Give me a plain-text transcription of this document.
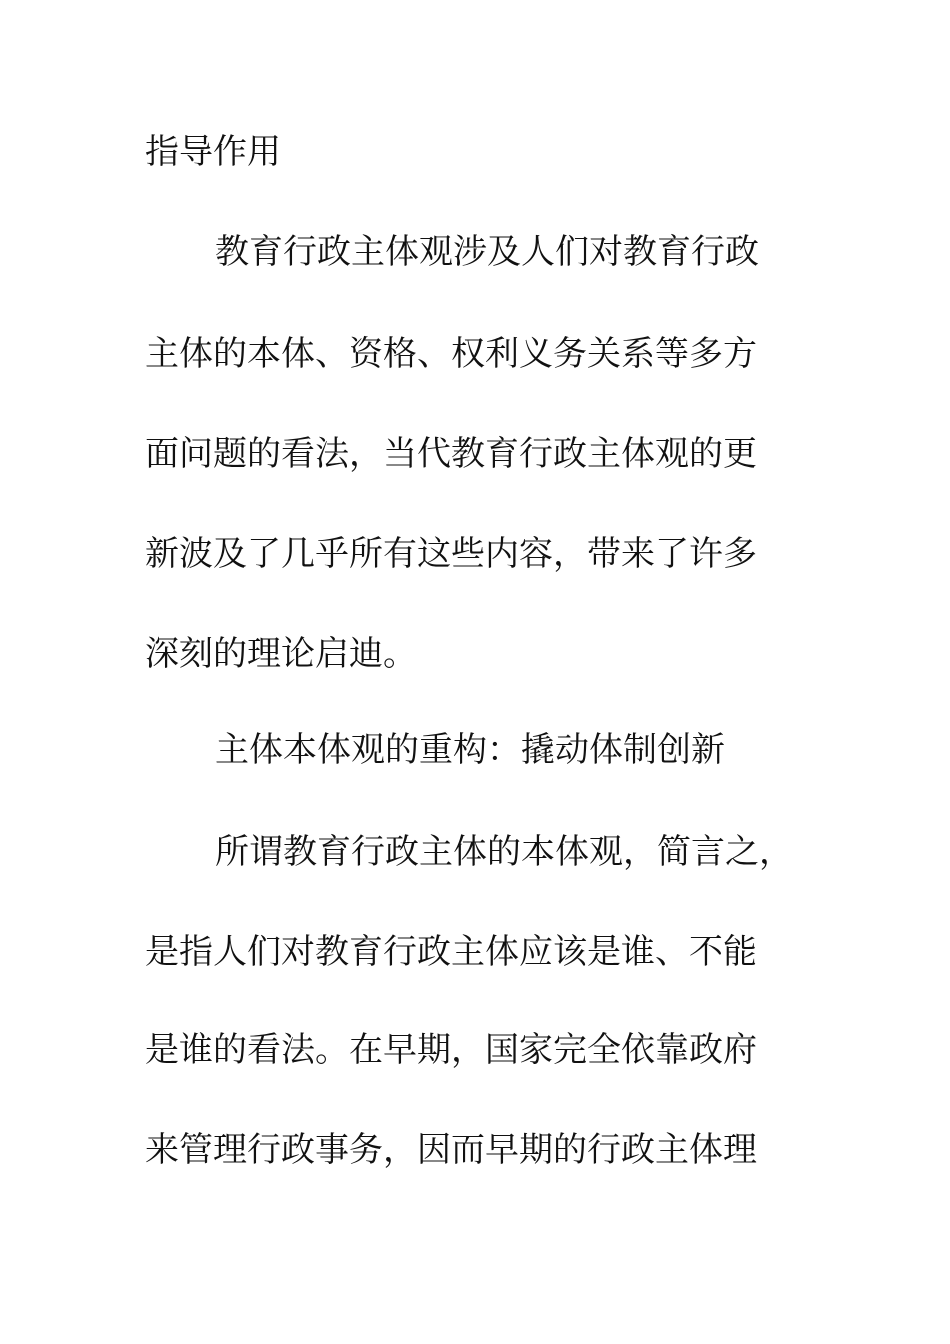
指导作用
教育行政主体观涉及人们对教育行政
主体的本体、资格、权利义务关系等多方
面问题的看法，当代教育行政主体观的更
新波及了几乎所有这些内容，带来了许多
深刻的理论启迪。
主体本体观的重构：撬动体制创新
所谓教育行政主体的本体观，简言之，
是指人们对教育行政主体应该是谁、不能
是谁的看法。在早期，国家完全依靠政府
来管理行政事务，因而早期的行政主体理
